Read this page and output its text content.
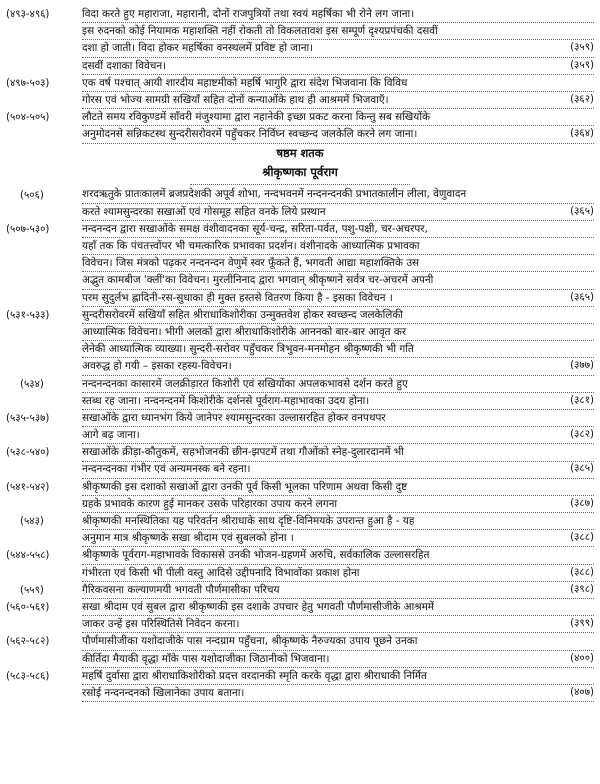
(४९३-४९६)	विदा करते हुए महाराजा, महारानी, दोनों राजपुत्रियों तथा स्वयं महर्षिका भी रोने लग जाना।
इस रुदनको कोई नियामक महाशक्ति नहीं रोकती तो विकलतावश इस सम्पूर्ण दृश्यप्रपंचकी दसवीं
दशा हो जाती। विदा होकर महर्षिका वनस्थलमें प्रविष्ट हो जाना।	(३५९)
दसवीं दशाका विवेचन।	(३५९)
(४९७-५०३)	एक वर्ष पश्चात् आयी शारदीय महाष्टमीको महर्षि भागुरि द्वारा संदेश भिजवाना कि विविध
गोरस एवं भोज्य सामग्री सखियाँ सहित दोनों कन्याओंके हाथ ही आश्रममें भिजवाएँ।	(३६२)
(५०४-५०५)	लौटते समय रविकुण्डमें साँवरी मंजुश्यामा द्वारा नहानेकी इच्छा प्रकट करना किन्तु सब सखियोंके
अनुमोदनसे सन्निकटस्थ सुन्दरीसरोवरमें पहुँचकर निर्विघ्न स्वच्छन्द जलकेलि करने लग जाना।	(३६४)
षष्ठम शतक
श्रीकृष्णका पूर्वराग
(५०६)	शरदऋतुके प्रातःकालमें ब्रजप्रदेशकी अपूर्व शोभा, नन्दभवनमें नन्दनन्दनकी प्रभातकालीन लीला, वेणुवादन
करते श्यामसुन्दरका सखाओं एवं गोसमूह सहित वनके लिये प्रस्थान	(३६५)
(५०७-५३०)	नन्दनन्दन द्वारा सखाओंके समक्ष वंशीवादनका सूर्य-चन्द्र, सरिता-पर्वत, पशु-पक्षी, चर-अचरपर,
यहाँ तक कि पंचतत्त्वोंपर भी चमत्कारिक प्रभावका प्रदर्शन। वंशीनादके आध्यात्मिक प्रभावका
विवेचन। जिस मंत्रको पढ़कर नन्दनन्दन वेणुमें स्वर फूँकते हैं, भगवती आद्या महाशक्तिके उस
अद्भुत कामबीज 'क्लीं'का विवेचन। मुरलीनिनाद द्वारा भगवान् श्रीकृष्णने सर्वत्र चर-अचरमें अपनी
परम सुदुर्लभ ह्लादिनी-रस-सुधाका ही मुक्त हस्तसे वितरण किया है - इसका विवेचन ।	(३६५)
(५३१-५३३)	सुन्दरीसरोवरमें सखियाँ सहित श्रीराधाकिशोरीका उन्मुक्तवेश होकर स्वच्छन्द जलकेलिकी
आध्यात्मिक विवेचना। भीगी अलकों द्वारा श्रीराधाकिशोरीके आननको बार-बार आवृत कर
लेनेकी आध्यात्मिक व्याख्या। सुन्दरी-सरोवर पहुँचकर त्रिभुवन-मनमोहन श्रीकृष्णकी भी गति
अवरुद्ध हो गयी – इसका रहस्य-विवेचन।	(३७७)
(५३४)	नन्दनन्दनका कासारमें जलक्रीड़ारत किशोरी एवं सखियोंका अपलकभावसे दर्शन करते हुए
स्तब्ध रह जाना। नन्दनन्दनमें किशोरीके दर्शनसे पूर्वराग-महाभावका उदय होना।	(३८१)
(५३५-५३७)	सखाओंके द्वारा ध्यानभंग किये जानेपर श्यामसुन्दरका उल्लासरहित होकर वनपथपर
आगे बढ़ जाना।	(३८२)
(५३८-५४०)	सखाओंके क्रीड़ा-कौतुकमें, सहभोजनकी छीन-झपटमें तथा गौओंको स्नेह-दुलारदानमें भी
नन्दनन्दनका गंभीर एवं अन्यमनस्क बने रहना।	(३८५)
(५४१-५४२)	श्रीकृष्णकी इस दशाको सखाओं द्वारा उनकी पूर्व किसी भूलका परिणाम अथवा किसी दुष्ट
ग्रहके प्रभावके कारण हुई मानकर उसके परिहारका उपाय करने लगना	(३८७)
(५४३)	श्रीकृष्णकी मनस्थितिका यह परिवर्तन श्रीराधाके साथ दृष्टि-विनिमयके उपरान्त हुआ है - यह
अनुमान मात्र श्रीकृष्णके सखा श्रीदाम एवं सुबलको होना ।	(३८८)
(५४४-५५८)	श्रीकृष्णके पूर्वराग-महाभावके विकाससे उनकी भोजन-ग्रहणमें अरुचि, सर्वकालिक उल्लासरहित
गंभीरता एवं किसी भी पीली वस्तु आदिसे उद्दीपनादि विभावोंका प्रकाश होना	(३८८)
(५५९)	गैरिकवसना कल्याणमयी भगवती पौर्णमासीका परिचय	(३९८)
(५६०-५६१)	सखा श्रीदाम एवं सुबल द्वारा श्रीकृष्णकी इस दशाके उपचार हेतु भगवती पौर्णमासीजीके आश्रममें
जाकर उन्हें इस परिस्थितिसे निवेदन करना।	(३९९)
(५६२-५८२)	पौर्णमासीजीका यशोदाजीके पास नन्दग्राम पहुँचना, श्रीकृष्णके नैरुज्यका उपाय पूछने उनका
कीर्तिदा मैयाकी वृद्धा माँके पास यशोदाजीका जिठानीको भिजवाना।	(४००)
(५८३-५८६)	महर्षि दुर्वासा द्वारा श्रीराधाकिशोरीको प्रदत्त वरदानकी स्मृति करके वृद्धा द्वारा श्रीराधाकी निर्मित
रसोई नन्दनन्दनको खिलानेका उपाय बताना।	(४०७)
